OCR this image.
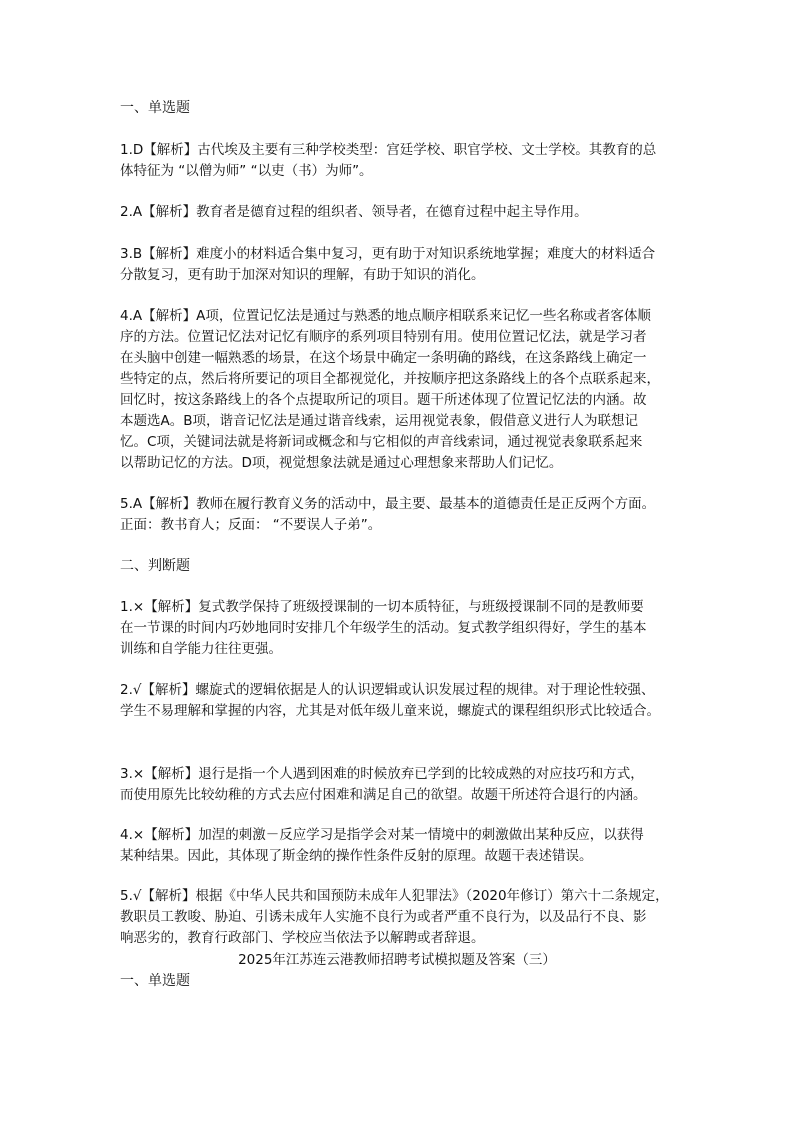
一、单选题
1.D【解析】古代埃及主要有三种学校类型：宫廷学校、职官学校、文士学校。其教育的总
体特征为 “以僧为师” “以吏（书）为师”。
2.A【解析】教育者是德育过程的组织者、领导者，在德育过程中起主导作用。
3.B【解析】难度小的材料适合集中复习，更有助于对知识系统地掌握；难度大的材料适合
分散复习，更有助于加深对知识的理解，有助于知识的消化。
4.A【解析】A项，位置记忆法是通过与熟悉的地点顺序相联系来记忆一些名称或者客体顺
序的方法。位置记忆法对记忆有顺序的系列项目特别有用。使用位置记忆法，就是学习者
在头脑中创建一幅熟悉的场景，在这个场景中确定一条明确的路线，在这条路线上确定一
些特定的点，然后将所要记的项目全都视觉化，并按顺序把这条路线上的各个点联系起来，
回忆时，按这条路线上的各个点提取所记的项目。题干所述体现了位置记忆法的内涵。故
本题选A。B项，谐音记忆法是通过谐音线索，运用视觉表象，假借意义进行人为联想记
忆。C项，关键词法就是将新词或概念和与它相似的声音线索词，通过视觉表象联系起来
以帮助记忆的方法。D项，视觉想象法就是通过心理想象来帮助人们记忆。
5.A【解析】教师在履行教育义务的活动中，最主要、最基本的道德责任是正反两个方面。
正面：教书育人；反面： “不要误人子弟”。
二、判断题
1.×【解析】复式教学保持了班级授课制的一切本质特征，与班级授课制不同的是教师要
在一节课的时间内巧妙地同时安排几个年级学生的活动。复式教学组织得好，学生的基本
训练和自学能力往往更强。
2.√【解析】螺旋式的逻辑依据是人的认识逻辑或认识发展过程的规律。对于理论性较强、
学生不易理解和掌握的内容，尤其是对低年级儿童来说，螺旋式的课程组织形式比较适合。
3.×【解析】退行是指一个人遇到困难的时候放弃已学到的比较成熟的对应技巧和方式，
而使用原先比较幼稚的方式去应付困难和满足自己的欲望。故题干所述符合退行的内涵。
4.×【解析】加涅的刺激－反应学习是指学会对某一情境中的刺激做出某种反应，以获得
某种结果。因此，其体现了斯金纳的操作性条件反射的原理。故题干表述错误。
5.√【解析】根据《中华人民共和国预防未成年人犯罪法》（2020年修订）第六十二条规定，
教职员工教唆、胁迫、引诱未成年人实施不良行为或者严重不良行为，以及品行不良、影
响恶劣的，教育行政部门、学校应当依法予以解聘或者辞退。
2025年江苏连云港教师招聘考试模拟题及答案（三）
一、单选题
